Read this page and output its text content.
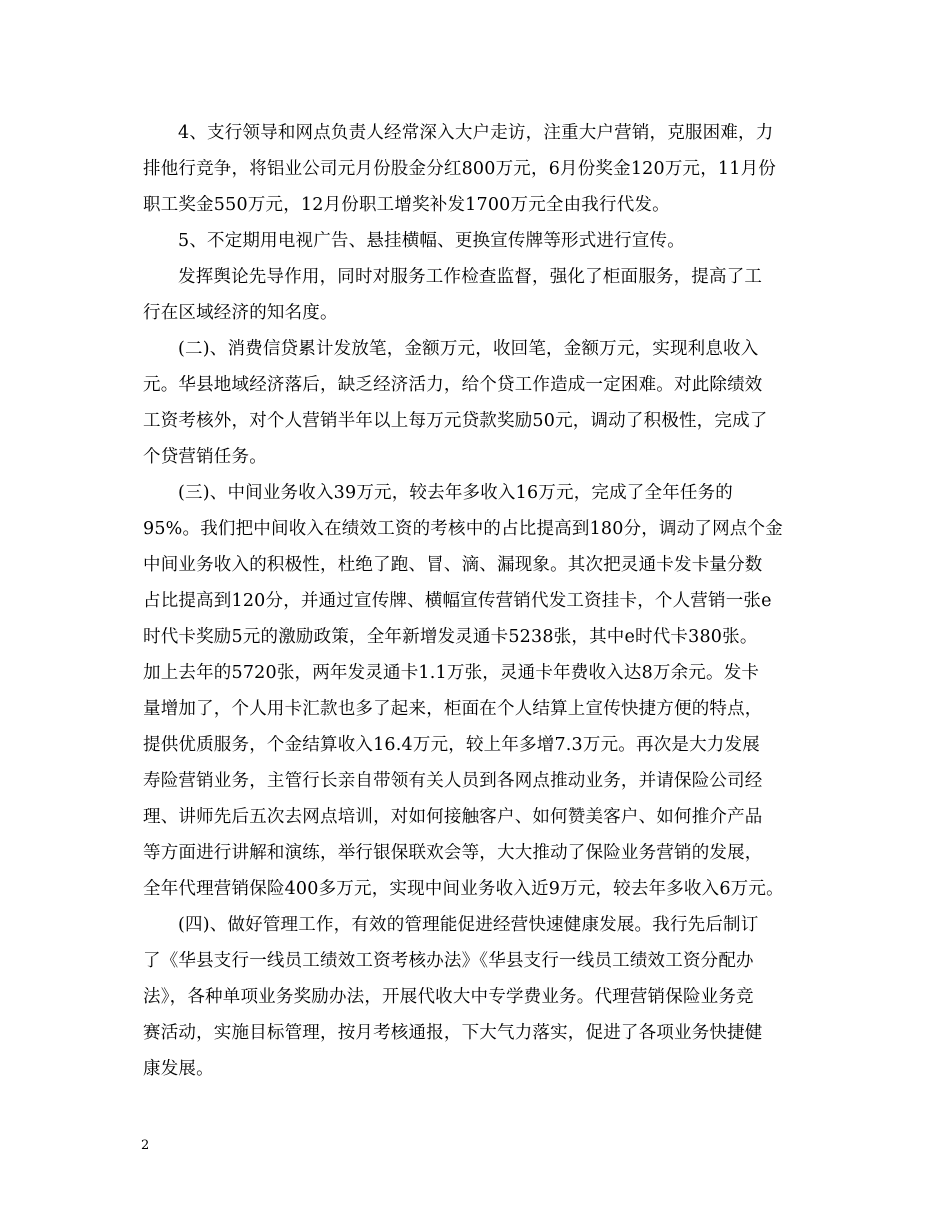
4、支行领导和网点负责人经常深入大户走访，注重大户营销，克服困难，力
排他行竞争，将铝业公司元月份股金分红800万元，6月份奖金120万元，11月份
职工奖金550万元，12月份职工增奖补发1700万元全由我行代发。
5、不定期用电视广告、悬挂横幅、更换宣传牌等形式进行宣传。
发挥舆论先导作用，同时对服务工作检查监督，强化了柜面服务，提高了工
行在区域经济的知名度。
(二)、消费信贷累计发放笔，金额万元，收回笔，金额万元，实现利息收入
元。华县地域经济落后，缺乏经济活力，给个贷工作造成一定困难。对此除绩效
工资考核外，对个人营销半年以上每万元贷款奖励50元，调动了积极性，完成了
个贷营销任务。
(三)、中间业务收入39万元，较去年多收入16万元，完成了全年任务的
95%。我们把中间收入在绩效工资的考核中的占比提高到180分，调动了网点个金
中间业务收入的积极性，杜绝了跑、冒、滴、漏现象。其次把灵通卡发卡量分数
占比提高到120分，并通过宣传牌、横幅宣传营销代发工资挂卡，个人营销一张e
时代卡奖励5元的激励政策，全年新增发灵通卡5238张，其中e时代卡380张。
加上去年的5720张，两年发灵通卡1.1万张，灵通卡年费收入达8万余元。发卡
量增加了，个人用卡汇款也多了起来，柜面在个人结算上宣传快捷方便的特点，
提供优质服务，个金结算收入16.4万元，较上年多增7.3万元。再次是大力发展
寿险营销业务，主管行长亲自带领有关人员到各网点推动业务，并请保险公司经
理、讲师先后五次去网点培训，对如何接触客户、如何赞美客户、如何推介产品
等方面进行讲解和演练，举行银保联欢会等，大大推动了保险业务营销的发展，
全年代理营销保险400多万元，实现中间业务收入近9万元，较去年多收入6万元。
(四)、做好管理工作，有效的管理能促进经营快速健康发展。我行先后制订
了《华县支行一线员工绩效工资考核办法》《华县支行一线员工绩效工资分配办
法》，各种单项业务奖励办法，开展代收大中专学费业务。代理营销保险业务竞
赛活动，实施目标管理，按月考核通报，下大气力落实，促进了各项业务快捷健
康发展。
2
